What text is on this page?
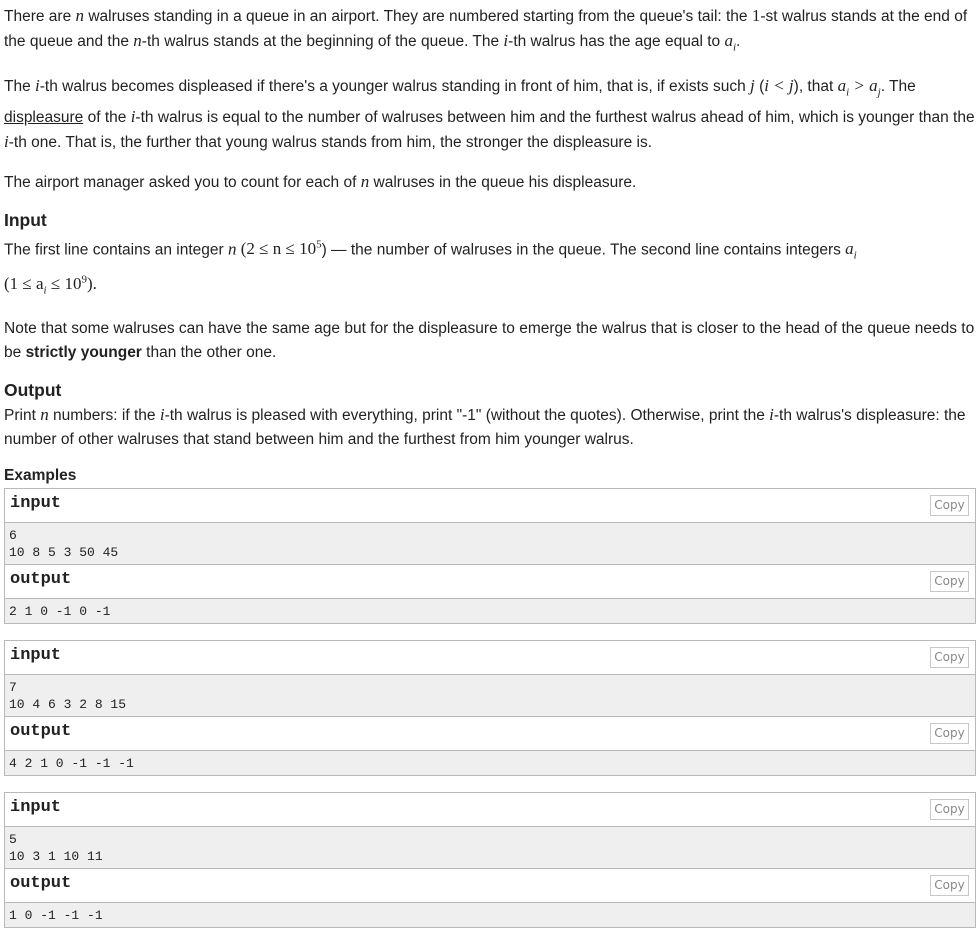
There are n walruses standing in a queue in an airport. They are numbered starting from the queue's tail: the 1-st walrus stands at the end of the queue and the n-th walrus stands at the beginning of the queue. The i-th walrus has the age equal to $a_i$.

The i-th walrus becomes displeased if there's a younger walrus standing in front of him, that is, if exists such j (i < j), that $a_i > a_j$. The displeasure of the i-th walrus is equal to the number of walruses between him and the furthest walrus ahead of him, which is younger than the i-th one. That is, the further that young walrus stands from him, the stronger the displeasure is.

The airport manager asked you to count for each of n walruses in the queue his displeasure.

Input

The first line contains an integer n $(2 \le n \le 10^5)$ — the number of walruses in the queue. The second line contains integers $a_i$
$(1 \le a_i \le 10^9)$.

Note that some walruses can have the same age but for the displeasure to emerge the walrus that is closer to the head of the queue needs to be strictly younger than the other one.

Output

Print n numbers: if the i-th walrus is pleased with everything, print "-1" (without the quotes). Otherwise, print the i-th walrus's displeasure: the number of other walruses that stand between him and the furthest from him younger walrus.

Examples
input	Copy
6
10 8 5 3 50 45
output	Copy
2 1 0 -1 0 -1
input	Copy
7
10 4 6 3 2 8 15
output	Copy
4 2 1 0 -1 -1 -1
input	Copy
5
10 3 1 10 11
output	Copy
1 0 -1 -1 -1
